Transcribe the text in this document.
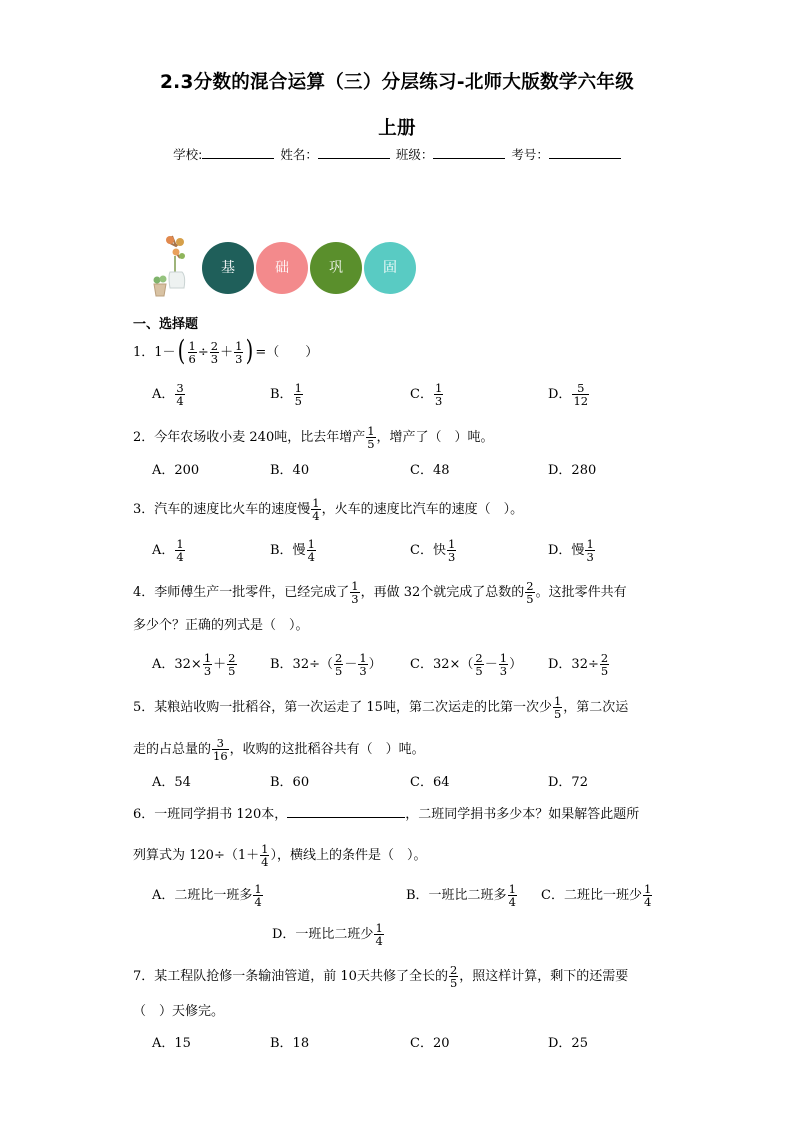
2.3分数的混合运算（三）分层练习-北师大版数学六年级
上册
学校:	姓名：	班级：	考号：
基	础	巩	固
一、选择题
1．$1-( \frac{1}{6} \div \frac{2}{3} + \frac{1}{3}$ ) =（　　）
A． $\frac{3}{4}$	B． $\frac{1}{5}$	C． $\frac{1}{3}$	D． $\frac{5}{12}$
2．今年农场收小麦 240吨，比去年增产 $\frac{1}{5}$ ，增产了（　）吨。
A．200	B．40	C．48	D．280
3．汽车的速度比火车的速度慢 $\frac{1}{4}$ ，火车的速度比汽车的速度（　）。
A． $\frac{1}{4}$	B．慢 $\frac{1}{4}$	C．快 $\frac{1}{3}$	D．慢 $\frac{1}{3}$
4．李师傅生产一批零件，已经完成了 $\frac{1}{3}$ ，再做 32个就完成了总数的 $\frac{2}{5}$ 。这批零件共有
多少个？正确的列式是（　）。
A．$32\times \frac{1}{3} + \frac{2}{5}$	B．$32\div( \frac{2}{5} - \frac{1}{3}$ ） C．$32\times( \frac{2}{5} - \frac{1}{3}$ ） D．$32\div \frac{2}{5}$
5．某粮站收购一批稻谷，第一次运走了 15吨，第二次运走的比第一次少 $\frac{1}{5}$ ，第二次运
走的占总量的 $\frac{3}{16}$ ，收购的这批稻谷共有（　）吨。
A．54	B．60	C．64	D．72
6．一班同学捐书 120本，	，二班同学捐书多少本？如果解答此题所
列算式为 $120\div(1+ \frac{1}{4}$ ），横线上的条件是（　）。
A．二班比一班多 $\frac{1}{4}$	B．一班比二班多 $\frac{1}{4}$ C．二班比一班少 $\frac{1}{4}$
D．一班比二班少 $\frac{1}{4}$
7．某工程队抢修一条输油管道，前 10天共修了全长的 $\frac{2}{5}$ ，照这样计算，剩下的还需要
（　）天修完。
A．15	B．18	C．20	D．25
